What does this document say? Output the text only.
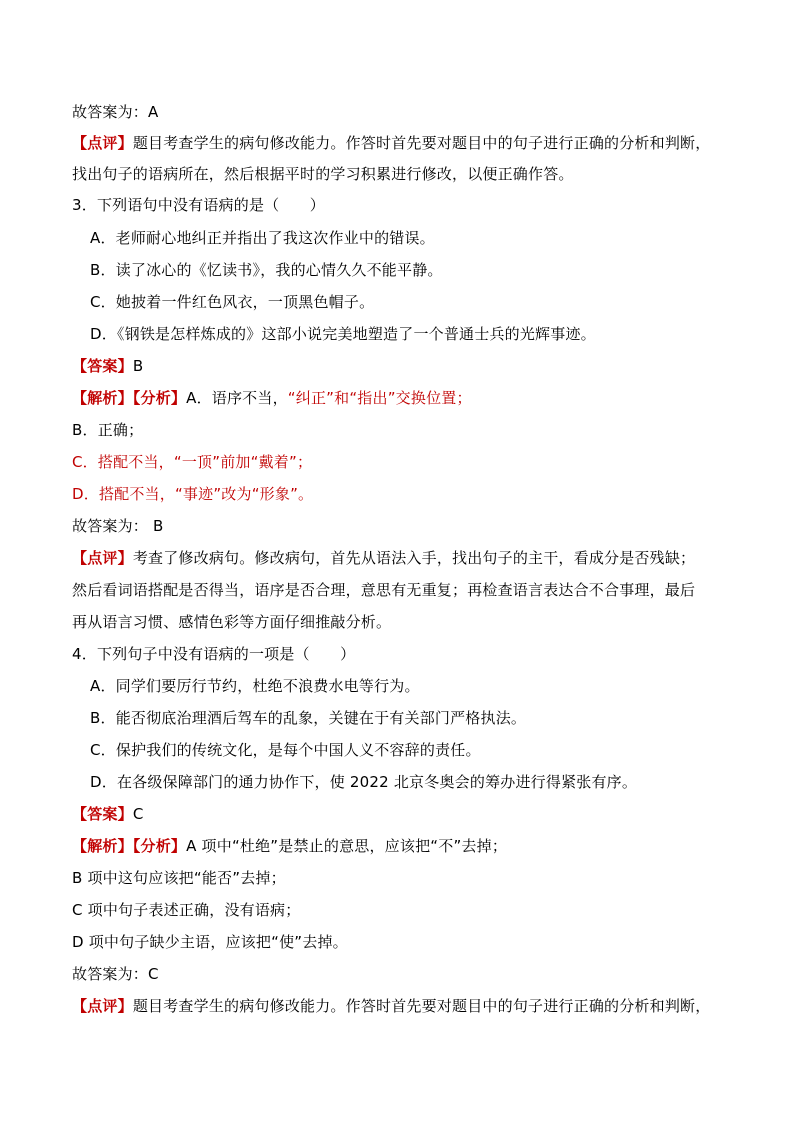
故答案为：A
【点评】题目考查学生的病句修改能力。作答时首先要对题目中的句子进行正确的分析和判断，
找出句子的语病所在，然后根据平时的学习积累进行修改，以便正确作答。
3．下列语句中没有语病的是（　　）
A．老师耐心地纠正并指出了我这次作业中的错误。
B．读了冰心的《忆读书》，我的心情久久不能平静。
C．她披着一件红色风衣，一顶黑色帽子。
D．《钢铁是怎样炼成的》这部小说完美地塑造了一个普通士兵的光辉事迹。
【答案】B
【解析】【分析】A．语序不当，“纠正”和“指出”交换位置；
B．正确；
C．搭配不当，“一顶”前加“戴着”；
D．搭配不当，“事迹”改为“形象”。
故答案为： B
【点评】考查了修改病句。修改病句，首先从语法入手，找出句子的主干，看成分是否残缺；
然后看词语搭配是否得当，语序是否合理，意思有无重复；再检查语言表达合不合事理，最后
再从语言习惯、感情色彩等方面仔细推敲分析。
4．下列句子中没有语病的一项是（　　）
A．同学们要厉行节约，杜绝不浪费水电等行为。
B．能否彻底治理酒后驾车的乱象，关键在于有关部门严格执法。
C．保护我们的传统文化，是每个中国人义不容辞的责任。
D．在各级保障部门的通力协作下，使 2022 北京冬奥会的筹办进行得紧张有序。
【答案】C
【解析】【分析】A 项中“杜绝”是禁止的意思，应该把“不”去掉；
B 项中这句应该把“能否”去掉；
C 项中句子表述正确，没有语病；
D 项中句子缺少主语，应该把“使”去掉。
故答案为：C
【点评】题目考查学生的病句修改能力。作答时首先要对题目中的句子进行正确的分析和判断，
